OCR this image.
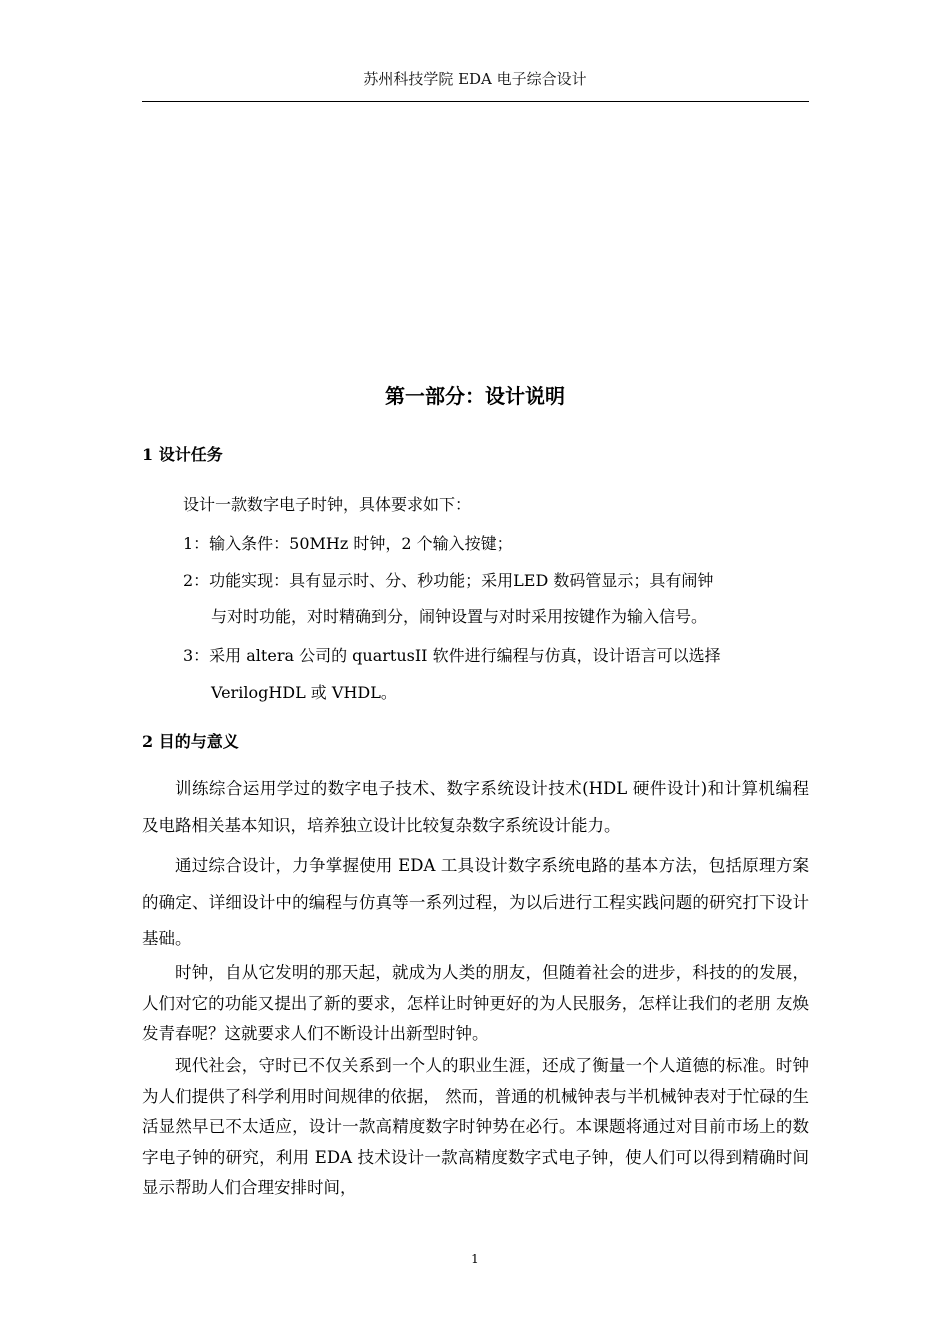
苏州科技学院 EDA 电子综合设计
第一部分：设计说明
1 设计任务
设计一款数字电子时钟，具体要求如下：
1：输入条件：50MHz 时钟，2 个输入按键；
2：功能实现：具有显示时、分、秒功能；采用LED 数码管显示；具有闹钟
与对时功能，对时精确到分，闹钟设置与对时采用按键作为输入信号。
3：采用 altera 公司的 quartusII 软件进行编程与仿真，设计语言可以选择
VerilogHDL 或 VHDL。
2 目的与意义

训练综合运用学过的数字电子技术、数字系统设计技术(HDL 硬件设计)和计算机编程及电路相关基本知识，培养独立设计比较复杂数字系统设计能力。

通过综合设计，力争掌握使用 EDA 工具设计数字系统电路的基本方法，包括原理方案的确定、详细设计中的编程与仿真等一系列过程，为以后进行工程实践问题的研究打下设计基础。

时钟，自从它发明的那天起，就成为人类的朋友，但随着社会的进步，科技的的发展，人们对它的功能又提出了新的要求，怎样让时钟更好的为人民服务，怎样让我们的老朋 友焕发青春呢？这就要求人们不断设计出新型时钟。

现代社会，守时已不仅关系到一个人的职业生涯，还成了衡量一个人道德的标准。时钟为人们提供了科学利用时间规律的依据， 然而，普通的机械钟表与半机械钟表对于忙碌的生活显然早已不太适应，设计一款高精度数字时钟势在必行。本课题将通过对目前市场上的数字电子钟的研究，利用 EDA 技术设计一款高精度数字式电子钟，使人们可以得到精确时间显示帮助人们合理安排时间，

1
